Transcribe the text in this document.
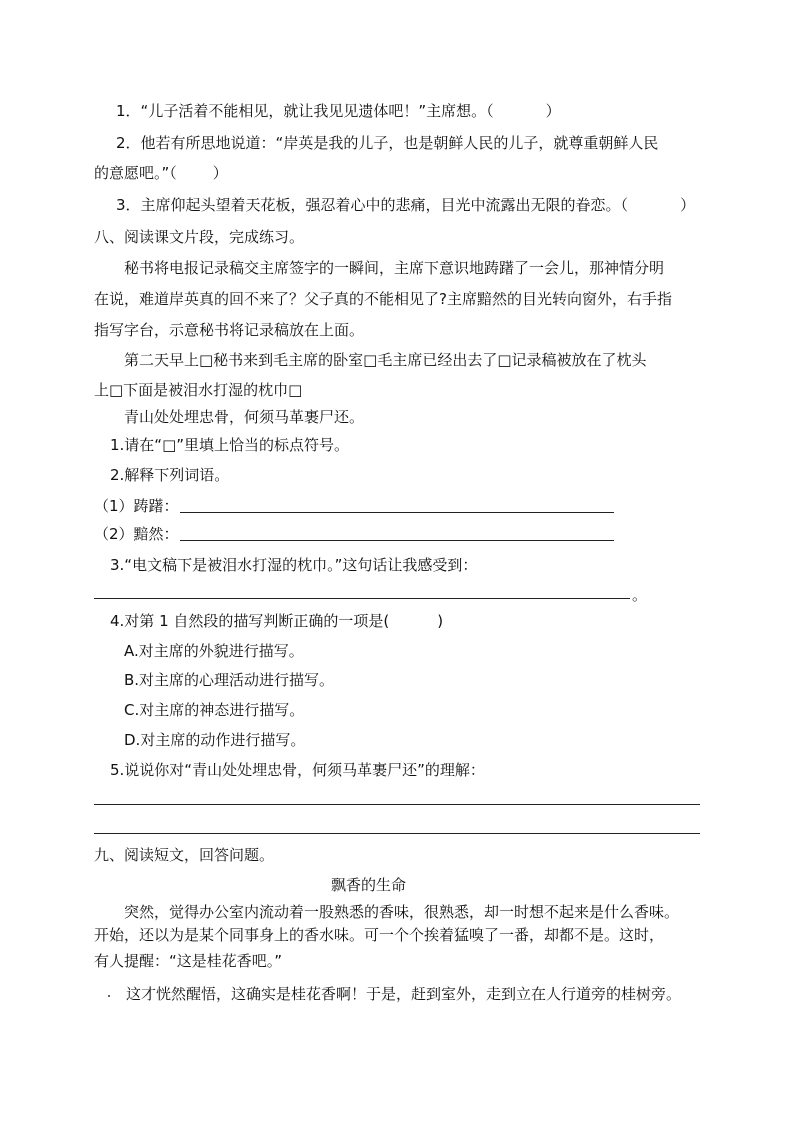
1．“儿子活着不能相见，就让我见见遗体吧！”主席想。（	）
2．他若有所思地说道：“岸英是我的儿子，也是朝鲜人民的儿子，就尊重朝鲜人民
的意愿吧。”（ ）
3．主席仰起头望着天花板，强忍着心中的悲痛，目光中流露出无限的眷恋。（	）
八、阅读课文片段，完成练习。
秘书将电报记录稿交主席签字的一瞬间，主席下意识地踌躇了一会儿，那神情分明
在说，难道岸英真的回不来了？父子真的不能相见了?主席黯然的目光转向窗外，右手指
指写字台，示意秘书将记录稿放在上面。
第二天早上□秘书来到毛主席的卧室□毛主席已经出去了□记录稿被放在了枕头
上□下面是被泪水打湿的枕巾□
青山处处埋忠骨，何须马革裹尸还。
1.请在“□”里填上恰当的标点符号。
2.解释下列词语。
（1）踌躇：
（2）黯然：
3.“电文稿下是被泪水打湿的枕巾。”这句话让我感受到：
。
4.对第 1 自然段的描写判断正确的一项是(	)
A.对主席的外貌进行描写。
B.对主席的心理活动进行描写。
C.对主席的神态进行描写。
D.对主席的动作进行描写。
5.说说你对“青山处处埋忠骨，何须马革裹尸还”的理解：
九、阅读短文，回答问题。
飘香的生命
突然，觉得办公室内流动着一股熟悉的香味，很熟悉，却一时想不起来是什么香味。
开始，还以为是某个同事身上的香水味。可一个个挨着猛嗅了一番，却都不是。这时，
有人提醒：“这是桂花香吧。”
这才恍然醒悟，这确实是桂花香啊！于是，赶到室外，走到立在人行道旁的桂树旁。
